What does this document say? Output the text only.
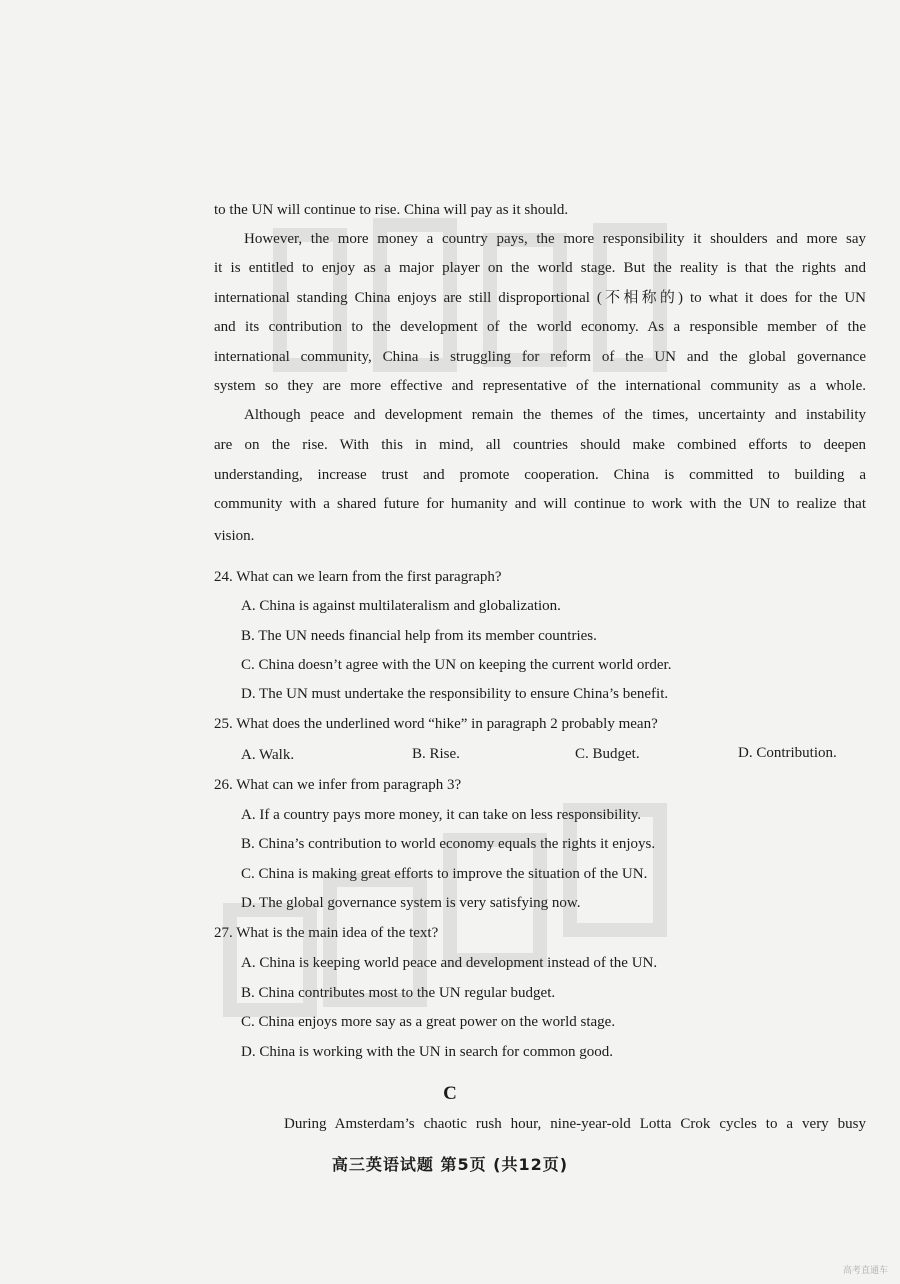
to the UN will continue to rise. China will pay as it should.
However, the more money a country pays, the more responsibility it shoulders and more say
it is entitled to enjoy as a major player on the world stage. But the reality is that the rights and
international standing China enjoys are still disproportional (不相称的) to what it does for the UN
and its contribution to the development of the world economy. As a responsible member of the
international community, China is struggling for reform of the UN and the global governance
system so they are more effective and representative of the international community as a whole.
Although peace and development remain the themes of the times, uncertainty and instability
are on the rise. With this in mind, all countries should make combined efforts to deepen
understanding, increase trust and promote cooperation. China is committed to building a
community with a shared future for humanity and will continue to work with the UN to realize that
vision.
24. What can we learn from the first paragraph?
A. China is against multilateralism and globalization.
B. The UN needs financial help from its member countries.
C. China doesn’t agree with the UN on keeping the current world order.
D. The UN must undertake the responsibility to ensure China’s benefit.
25. What does the underlined word “hike” in paragraph 2 probably mean?
A. Walk.	B. Rise.	C. Budget.	D. Contribution.
26. What can we infer from paragraph 3?
A. If a country pays more money, it can take on less responsibility.
B. China’s contribution to world economy equals the rights it enjoys.
C. China is making great efforts to improve the situation of the UN.
D. The global governance system is very satisfying now.
27. What is the main idea of the text?
A. China is keeping world peace and development instead of the UN.
B. China contributes most to the UN regular budget.
C. China enjoys more say as a great power on the world stage.
D. China is working with the UN in search for common good.
C
During Amsterdam’s chaotic rush hour, nine-year-old Lotta Crok cycles to a very busy
高三英语试题 第5页 (共12页)
高考直通车
